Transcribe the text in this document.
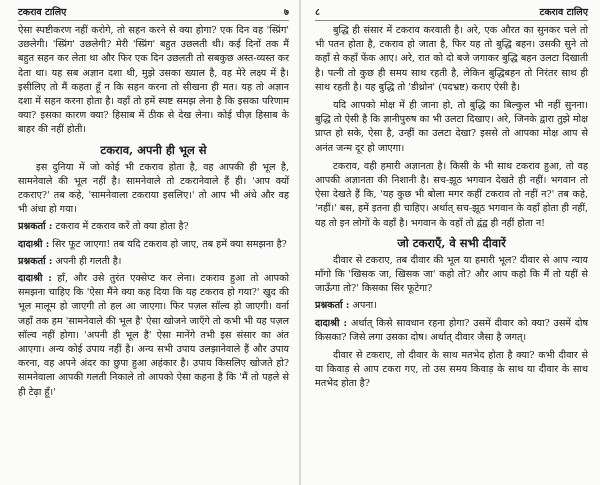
टकराव टालिए	७

ऐसा स्पष्टीकरण नहीं करोगे, तो सहन करने से क्या होगा? एक दिन वह 'स्प्रिंग' उछलेगी। 'स्प्रिंग' उछलेगी? मेरी 'स्प्रिंग' बहुत उछलती थी। कई दिनों तक मैं बहुत सहन कर लेता था और फिर एक दिन उछलती तो सबकुछ अस्त-व्यस्त कर देता था। यह सब अज्ञान दशा थी, मुझे उसका ख्याल है, वह मेरे लक्ष्य में है। इसीलिए तो मैं कहता हूँ न कि सहन करना तो सीखना ही मत। यह तो अज्ञान दशा में सहन करना होता है। वहाँ तो हमें स्पष्ट समझ लेना है कि इसका परिणाम क्या? इसका कारण क्या? हिसाब में ठीक से देख लेना। कोई चीज़ हिसाब के बाहर की नहीं होती।

टकराव, अपनी ही भूल से

इस दुनिया में जो कोई भी टकराव होता है, वह आपकी ही भूल है, सामनेवाले की भूल नहीं है। सामनेवाले तो टकरानेवाले हैं ही। 'आप क्यों टकराए?' तब कहे, 'सामनेवाला टकराया इसलिए।' तो आप भी अंधे और वह भी अंधा हो गया।

प्रश्नकर्ता : टकराव में टकराव करें तो क्या होता है?

दादाश्री : सिर फूट जाएगा! तब यदि टकराव हो जाए, तब हमें क्या समझना है?

प्रश्नकर्ता : अपनी ही गलती है।

दादाश्री : हाँ, और उसे तुरंत एक्सेप्ट कर लेना। टकराव हुआ तो आपको समझना चाहिए कि 'ऐसा मैंने क्या कह दिया कि यह टकराव हो गया?' खुद की भूल मालूम हो जाएगी तो हल आ जाएगा। फिर पज़ल सॉल्व हो जाएगी। वर्ना जहाँ तक हम 'सामनेवाले की भूल है' ऐसा खोजने जाएँगे तो कभी भी यह पज़ल सॉल्व नहीं होगा। 'अपनी ही भूल है' ऐसा मानेंगे तभी इस संसार का अंत आएगा। अन्य कोई उपाय नहीं है। अन्य सभी उपाय उलझानेवाले हैं और उपाय करना, वह अपने अंदर का छुपा हुआ अहंकार है। उपाय किसलिए खोजते हो? सामनेवाला आपकी गलती निकाले तो आपको ऐसा कहना है कि 'मैं तो पहले से ही टेढ़ा हूँ।'

८	टकराव टालिए

बुद्धि ही संसार में टकराव करवाती है। अरे, एक औरत का सुनकर चले तो भी पतन होता है, टकराव हो जाता है, फिर यह तो बुद्धि बहन। उसकी सुने तो कहाँ से कहाँ फेंक आए। अरे, रात को दो बजे जगाकर बुद्धि बहन उलटा दिखाती है। पत्नी तो कुछ ही समय साथ रहती है, लेकिन बुद्धिबहन तो निरंतर साथ ही साथ रहती है। यह बुद्धि तो 'डीथ्रोन' (पदभ्रष्ट) कराए ऐसी है।

यदि आपको मोक्ष में ही जाना हो, तो बुद्धि का बिल्कुल भी नहीं सुनना। बुद्धि तो ऐसी है कि ज्ञानीपुरुष का भी उलटा दिखाए। अरे, जिनके द्वारा तुझे मोक्ष प्राप्त हो सके, ऐसा है, उन्हीं का उलटा देखा? इससे तो आपका मोक्ष आप से अनंत जन्म दूर हो जाएगा।

टकराव, वही हमारी अज्ञानता है। किसी के भी साथ टकराव हुआ, तो वह आपकी अज्ञानता की निशानी है। सच-झूठ भगवान देखते ही नहीं। भगवान तो ऐसा देखते हैं कि, 'यह कुछ भी बोला मगर कहीं टकराव तो नहीं न?' तब कहे, 'नहीं।' बस, हमें इतना ही चाहिए। अर्थात् सच-झूठ भगवान के वहाँ होता ही नहीं, यह तो इन लोगों के वहाँ है। भगवान के वहाँ तो द्वंद्व ही नहीं होता न!

जो टकराएँ, वे सभी दीवारें

दीवार से टकराए, तब दीवार की भूल या हमारी भूल? दीवार से आप न्याय माँगो कि 'खिसक जा, खिसक जा' कहो तो? और आप कहो कि मैं तो यहीं से जाऊँगा तो?' किसका सिर फूटेगा?

प्रश्नकर्ता : अपना।

दादाश्री : अर्थात् किसे सावधान रहना होगा? उसमें दीवार को क्या? उसमें दोष किसका? जिसे लगा उसका दोष। अर्थात् दीवार जैसा है जगत्।

दीवार से टकराए, तो दीवार के साथ मतभेद होता है क्या? कभी दीवार से या किवाड़ से आप टकरा गए, तो उस समय किवाड़ के साथ या दीवार के साथ मतभेद होता है?
